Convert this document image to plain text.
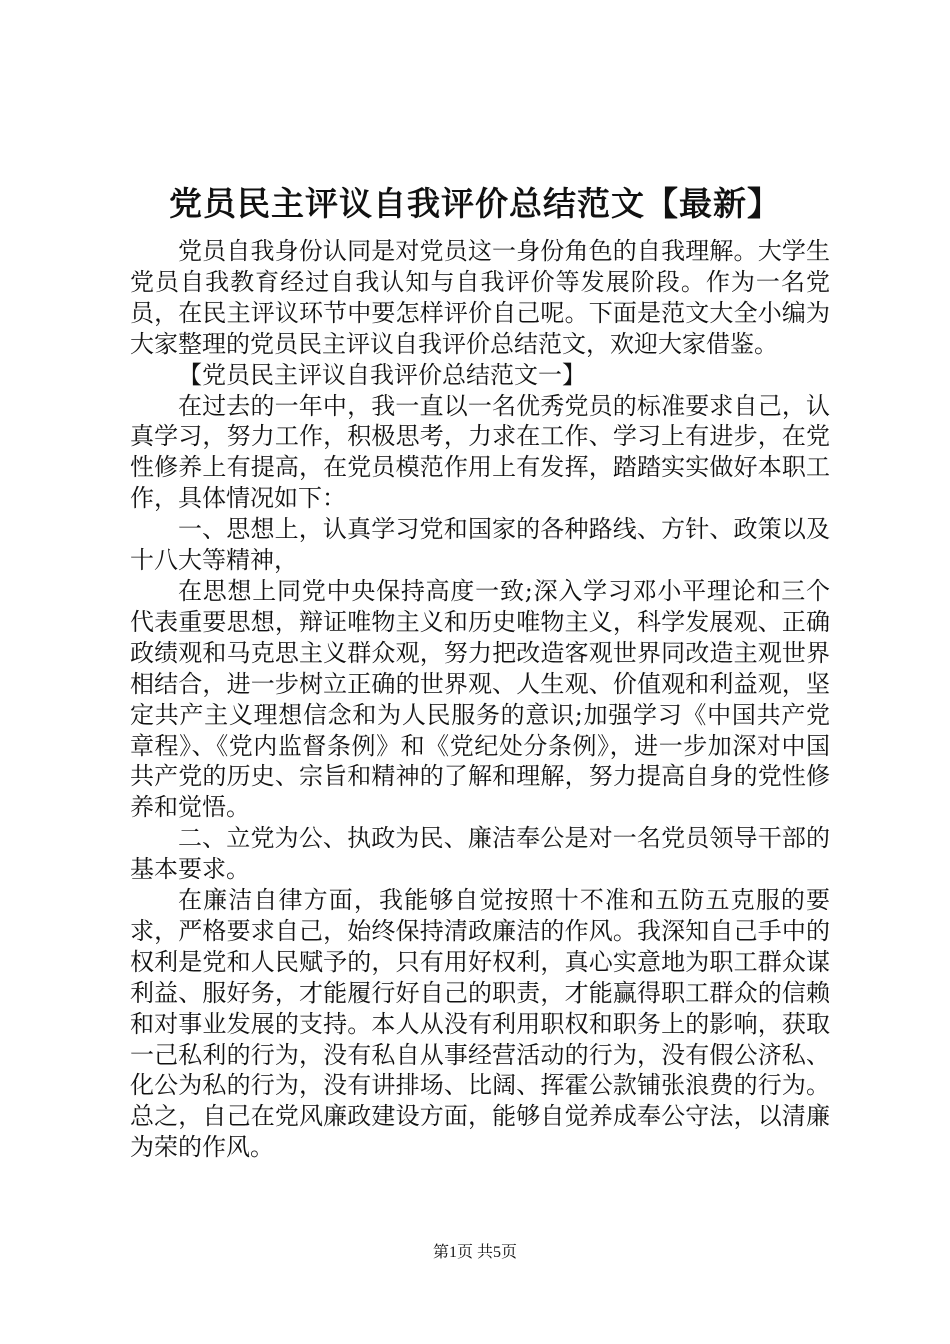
党员民主评议自我评价总结范文【最新】

党员自我身份认同是对党员这一身份角色的自我理解。大学生党员自我教育经过自我认知与自我评价等发展阶段。作为一名党员，在民主评议环节中要怎样评价自己呢。下面是范文大全小编为大家整理的党员民主评议自我评价总结范文，欢迎大家借鉴。

【党员民主评议自我评价总结范文一】

在过去的一年中，我一直以一名优秀党员的标准要求自己，认真学习，努力工作，积极思考，力求在工作、学习上有进步，在党性修养上有提高，在党员模范作用上有发挥，踏踏实实做好本职工作，具体情况如下：

一、思想上，认真学习党和国家的各种路线、方针、政策以及十八大等精神，

在思想上同党中央保持高度一致;深入学习邓小平理论和三个代表重要思想，辩证唯物主义和历史唯物主义，科学发展观、正确政绩观和马克思主义群众观，努力把改造客观世界同改造主观世界相结合，进一步树立正确的世界观、人生观、价值观和利益观，坚定共产主义理想信念和为人民服务的意识;加强学习《中国共产党章程》、《党内监督条例》和《党纪处分条例》，进一步加深对中国共产党的历史、宗旨和精神的了解和理解，努力提高自身的党性修养和觉悟。

二、立党为公、执政为民、廉洁奉公是对一名党员领导干部的基本要求。

在廉洁自律方面，我能够自觉按照十不准和五防五克服的要求，严格要求自己，始终保持清政廉洁的作风。我深知自己手中的权利是党和人民赋予的，只有用好权利，真心实意地为职工群众谋利益、服好务，才能履行好自己的职责，才能赢得职工群众的信赖和对事业发展的支持。本人从没有利用职权和职务上的影响，获取一己私利的行为，没有私自从事经营活动的行为，没有假公济私、化公为私的行为，没有讲排场、比阔、挥霍公款铺张浪费的行为。总之，自己在党风廉政建设方面，能够自觉养成奉公守法，以清廉为荣的作风。

第1页 共5页
